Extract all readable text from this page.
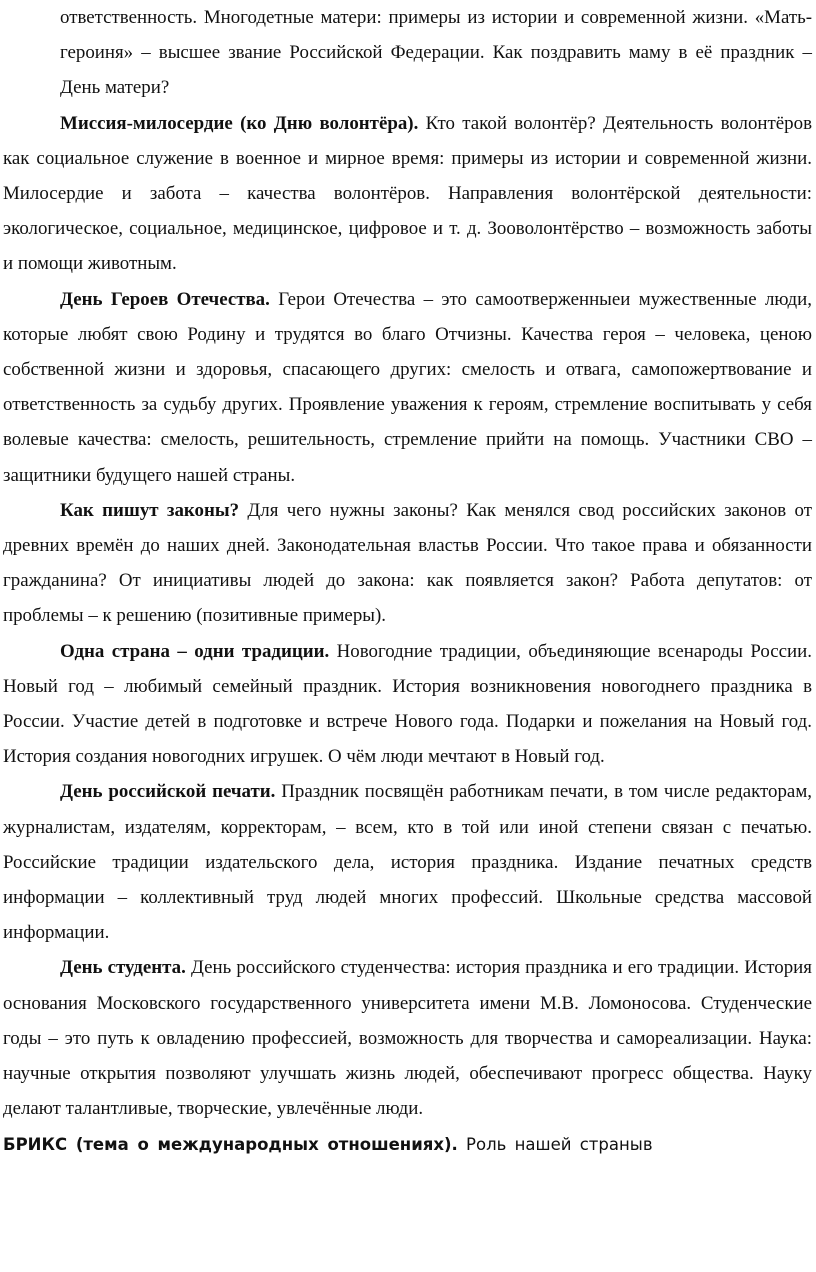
ответственность. Многодетные матери: примеры из истории и современной жизни. «Мать-героиня» – высшее звание Российской Федерации. Как поздравить маму в её праздник – День матери?

Миссия-милосердие (ко Дню волонтёра). Кто такой волонтёр? Деятельность волонтёров как социальное служение в военное и мирное время: примеры из истории и современной жизни. Милосердие и забота – качества волонтёров. Направления волонтёрской деятельности: экологическое, социальное, медицинское, цифровое и т. д. Зооволонтёрство – возможность заботы и помощи животным.

День Героев Отечества. Герои Отечества – это самоотверженныеи мужественные люди, которые любят свою Родину и трудятся во благо Отчизны. Качества героя – человека, ценою собственной жизни и здоровья, спасающего других: смелость и отвага, самопожертвование и ответственность за судьбу других. Проявление уважения к героям, стремление воспитывать у себя волевые качества: смелость, решительность, стремление прийти на помощь. Участники СВО – защитники будущего нашей страны.

Как пишут законы? Для чего нужны законы? Как менялся свод российских законов от древних времён до наших дней. Законодательная властьв России. Что такое права и обязанности гражданина? От инициативы людей до закона: как появляется закон? Работа депутатов: от проблемы – к решению (позитивные примеры).

Одна страна – одни традиции. Новогодние традиции, объединяющие всенароды России. Новый год – любимый семейный праздник. История возникновения новогоднего праздника в России. Участие детей в подготовке и встрече Нового года. Подарки и пожелания на Новый год. История создания новогодних игрушек. О чём люди мечтают в Новый год.

День российской печати. Праздник посвящён работникам печати, в том числе редакторам, журналистам, издателям, корректорам, – всем, кто в той или иной степени связан с печатью. Российские традиции издательского дела, история праздника. Издание печатных средств информации – коллективный труд людей многих профессий. Школьные средства массовой информации.

День студента. День российского студенчества: история праздника и его традиции. История основания Московского государственного университета имени М.В. Ломоносова. Студенческие годы – это путь к овладению профессией, возможность для творчества и самореализации. Наука: научные открытия позволяют улучшать жизнь людей, обеспечивают прогресс общества. Науку делают талантливые, творческие, увлечённые люди.

БРИКС (тема о международных отношениях). Роль нашей страныв
